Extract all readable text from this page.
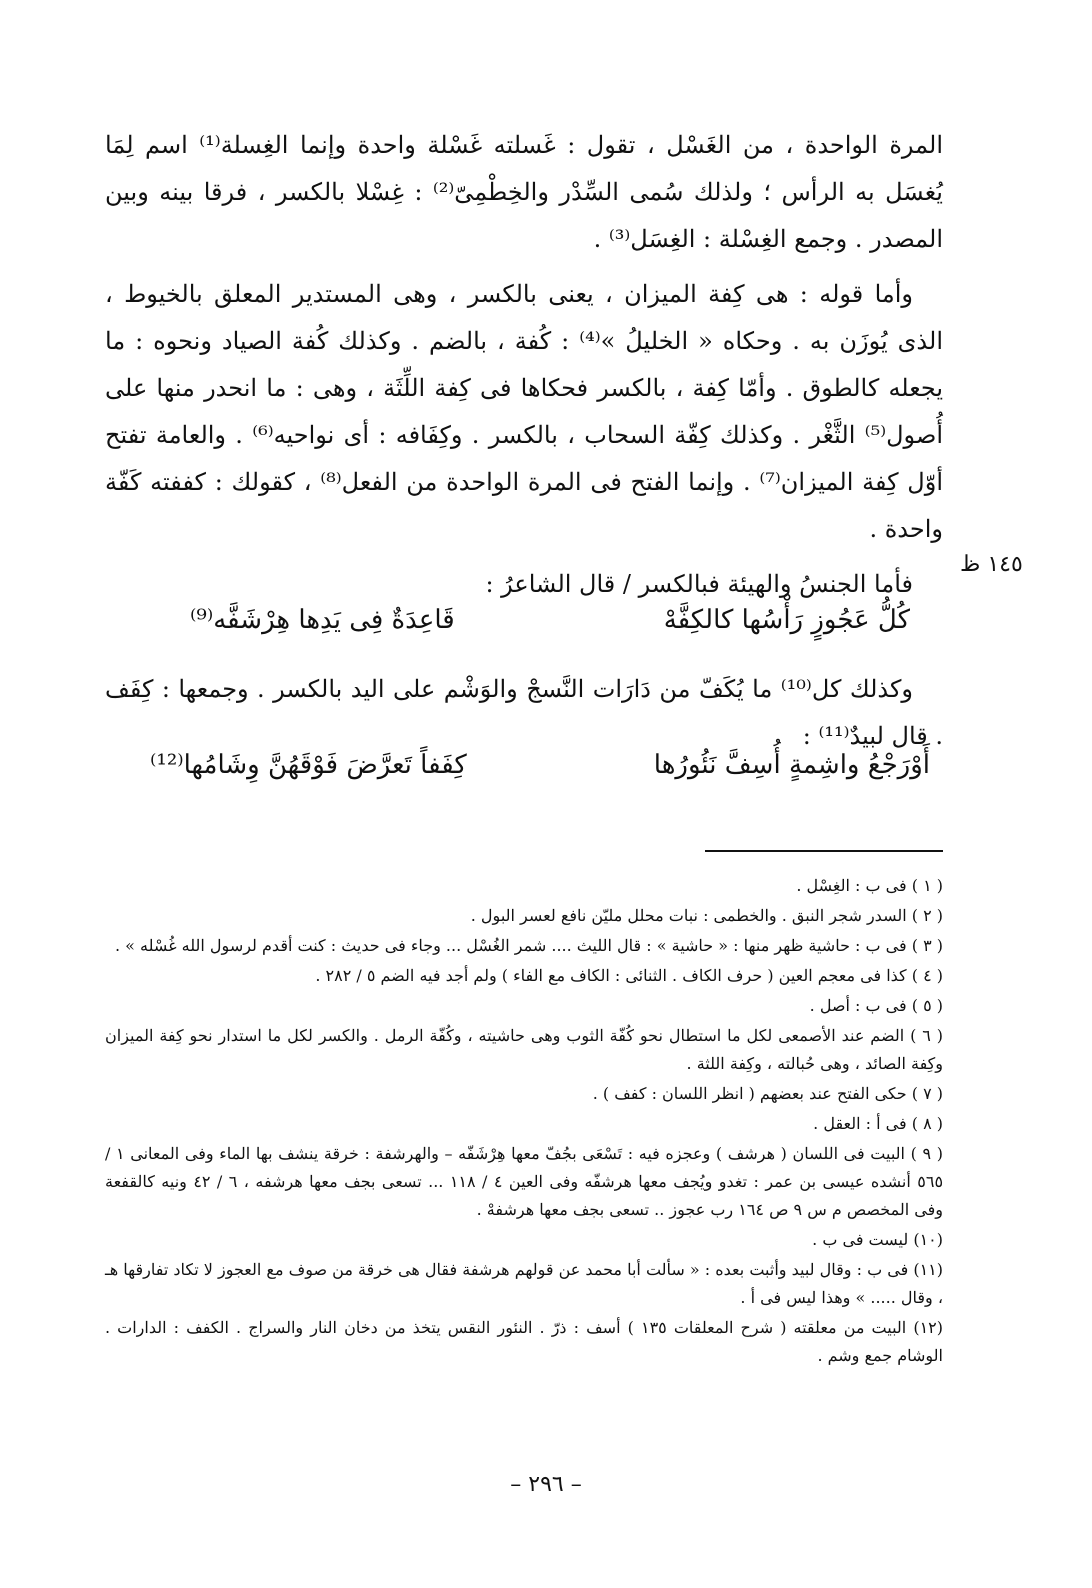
المرة الواحدة ، من الغَسْل ، تقول : غَسلته غَسْلة واحدة وإنما الغِسلة⁽¹⁾ اسم لِمَا يُغسَل به الرأس ؛ ولذلك سُمى السِّدْر والخِطْمِىّ⁽²⁾ : غِسْلا بالكسر ، فرقا بينه وبين المصدر . وجمع الغِسْلة : الغِسَل⁽³⁾ .

وأما قوله : هى كِفة الميزان ، يعنى بالكسر ، وهى المستدير المعلق بالخيوط ، الذى يُوزَن به . وحكاه « الخليلُ »⁽⁴⁾ : كُفة ، بالضم . وكذلك كُفة الصياد ونحوه : ما يجعله كالطوق . وأمّا كِفة ، بالكسر فحكاها فى كِفة اللِّثَة ، وهى : ما انحدر منها على أُصول⁽⁵⁾ الثَّغْر . وكذلك كِفّة السحاب ، بالكسر . وكِفَافه : أى نواحيه⁽⁶⁾ . والعامة تفتح أوّل كِفة الميزان⁽⁷⁾ . وإنما الفتح فى المرة الواحدة من الفعل⁽⁸⁾ ، كقولك : كففته كَفّة واحدة .

فأما الجنسُ والهيئة فبالكسر / قال الشاعرُ :

١٤٥ ظ
كُلُّ عَجُوزٍ رَأْسُها كالكِفَّهْ
قَاعِدَةٌ فِى يَدِها هِرْشَفَّه⁽⁹⁾

وكذلك كل⁽¹⁰⁾ ما يُكَفّ من دَارَات النَّسجْ والوَشْم على اليد بالكسر . وجمعها : كِفَف . قال لبيدٌ⁽¹¹⁾ :

أَوْرَجْعُ واشِمةٍ أُسِفَّ نَئُورُها
كِفَفاً تَعرَّضَ فَوْقَهُنَّ وِشَامُها⁽¹²⁾

( ١ ) فى ب : الغِسْل .

( ٢ ) السدر شجر النبق . والخطمى : نبات محلل مليّن نافع لعسر البول .

( ٣ ) فى ب : حاشية ظهر منها : « حاشية » : قال الليث .... شمر الغُسْل ... وجاء فى حديث : كنت أقدم لرسول الله غُسْله » .

( ٤ ) كذا فى معجم العين ( حرف الكاف . الثنائى : الكاف مع الفاء ) ولم أجد فيه الضم ٥ / ٢٨٢ .

( ٥ ) فى ب : أصل .

( ٦ ) الضم عند الأصمعى لكل ما استطال نحو كُفّة الثوب وهى حاشيته ، وكُفّة الرمل . والكسر لكل ما استدار نحو كِفة الميزان وكِفة الصائد ، وهى حُبالته ، وكِفة اللثة .

( ٧ ) حكى الفتح عند بعضهم ( انظر اللسان : كفف ) .

( ٨ ) فى أ : العقل .

( ٩ ) البيت فى اللسان ( هرشف ) وعجزه فيه : تَسْعَى بجُفّ معها هِرْشَفّه – والهرشفة : خرقة ينشف بها الماء وفى المعانى ١ / ٥٦٥ أنشده عيسى بن عمر : تغدو ويُجف معها هرشفّه وفى العين ٤ / ١١٨ ... تسعى بجف معها هرشفه ، ٦ / ٤٢ ونيه كالقفعة وفى المخصص م س ٩ ص ١٦٤ رب عجوز .. تسعى بجف معها هرشفهْ .

(١٠) ليست فى ب .

(١١) فى ب : وقال لبيد وأثبت بعده : « سألت أبا محمد عن قولهم هرشفة فقال هى خرقة من صوف مع العجوز لا تكاد تفارقها هـ ، وقال ..... » وهذا ليس فى أ .

(١٢) البيت من معلقته ( شرح المعلقات ١٣٥ ) أسف : ذرّ . النئور النقس يتخذ من دخان النار والسراج . الكفف : الدارات . الوشام جمع وشم .

– ٢٩٦ –
